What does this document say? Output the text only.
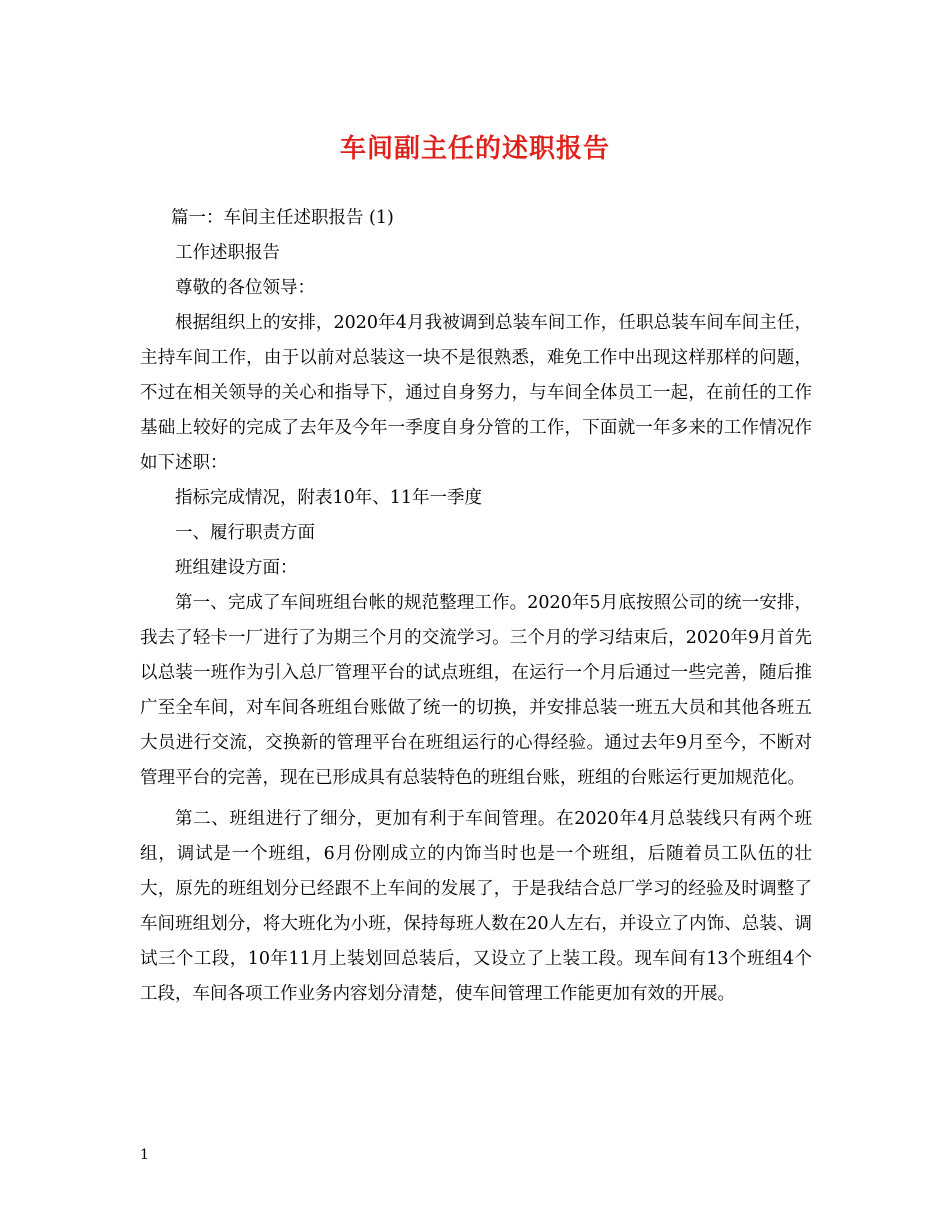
车间副主任的述职报告

篇一：车间主任述职报告 (1)

工作述职报告

尊敬的各位领导：

根据组织上的安排，2020年4月我被调到总装车间工作，任职总装车间车间主任，主持车间工作，由于以前对总装这一块不是很熟悉，难免工作中出现这样那样的问题，不过在相关领导的关心和指导下，通过自身努力，与车间全体员工一起，在前任的工作基础上较好的完成了去年及今年一季度自身分管的工作，下面就一年多来的工作情况作如下述职：

指标完成情况，附表10年、11年一季度

一、履行职责方面

班组建设方面：

第一、完成了车间班组台帐的规范整理工作。2020年5月底按照公司的统一安排，我去了轻卡一厂进行了为期三个月的交流学习。三个月的学习结束后，2020年9月首先以总装一班作为引入总厂管理平台的试点班组，在运行一个月后通过一些完善，随后推广至全车间，对车间各班组台账做了统一的切换，并安排总装一班五大员和其他各班五大员进行交流，交换新的管理平台在班组运行的心得经验。通过去年9月至今，不断对管理平台的完善，现在已形成具有总装特色的班组台账，班组的台账运行更加规范化。

第二、班组进行了细分，更加有利于车间管理。在2020年4月总装线只有两个班组，调试是一个班组，6月份刚成立的内饰当时也是一个班组，后随着员工队伍的壮大，原先的班组划分已经跟不上车间的发展了，于是我结合总厂学习的经验及时调整了车间班组划分，将大班化为小班，保持每班人数在20人左右，并设立了内饰、总装、调试三个工段，10年11月上装划回总装后，又设立了上装工段。现车间有13个班组4个工段，车间各项工作业务内容划分清楚，使车间管理工作能更加有效的开展。

1
